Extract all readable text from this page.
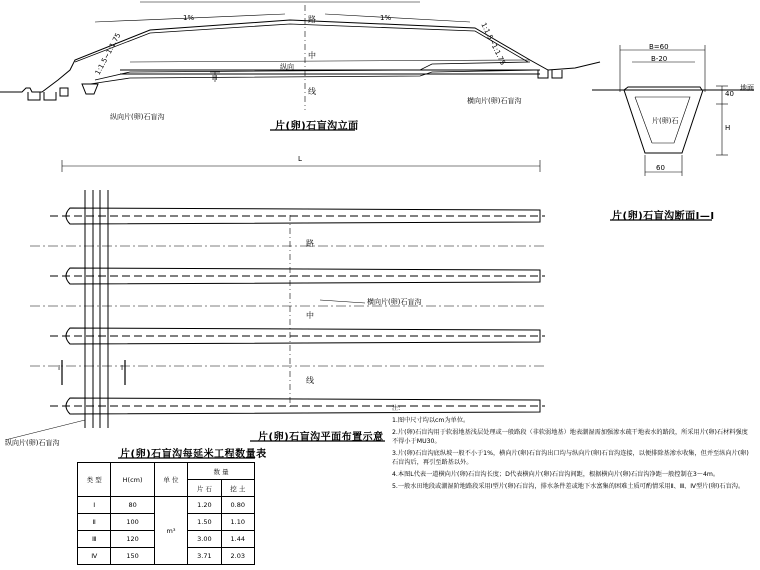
1:1.5~1:1.75	1:1.5~1:1.75
1%	1%
路
中
线
纵向
H
纵向片(卵)石盲沟
横向片(卵)石盲沟
片(卵)石盲沟立面
B=60
B-20
60
片(卵)石
40
H
地面
片(卵)石盲沟断面Ⅰ—Ⅰ
L
路
中
线
横向片(卵)石盲沟
纵向片(卵)石盲沟
Ⅰ	Ⅰ
片(卵)石盲沟平面布置示意
片(卵)石盲沟每延米工程数量表
类 型	H(cm)	单 位	数 量	
			片 石	挖 土
Ⅰ	80	m³	1.20	0.80
Ⅱ	100		1.50	1.10
Ⅲ	120		3.00	1.44
Ⅳ	150		3.71	2.03
注:
1.图中尺寸均以cm为单位。
2.片(卵)石盲沟用于软弱地基浅层处理或一般路段（非软弱地基）地表潮湿需加强渗水疏干地表水的路段，所采用片(卵)石材料强度不得小于MU30。
3.片(卵)石盲沟底纵坡一般不小于1%，横向片(卵)石盲沟出口均与纵向片(卵)石盲沟连接，以便排除基渗水收集，但并至纵向片(卵)石盲沟后，再引至路基以外。
4.本图L代表一道横向片(卵)石盲沟长度；D代表横向片(卵)石盲沟间距，根据横向片(卵)石盲沟净距一般控制在3～4m。
5.一般水田地段或潮湿阶地路段采用Ⅰ型片(卵)石盲沟，排水条件差或地下水富集的困难土质可酌情采用Ⅱ、Ⅲ、Ⅳ型片(卵)石盲沟。
